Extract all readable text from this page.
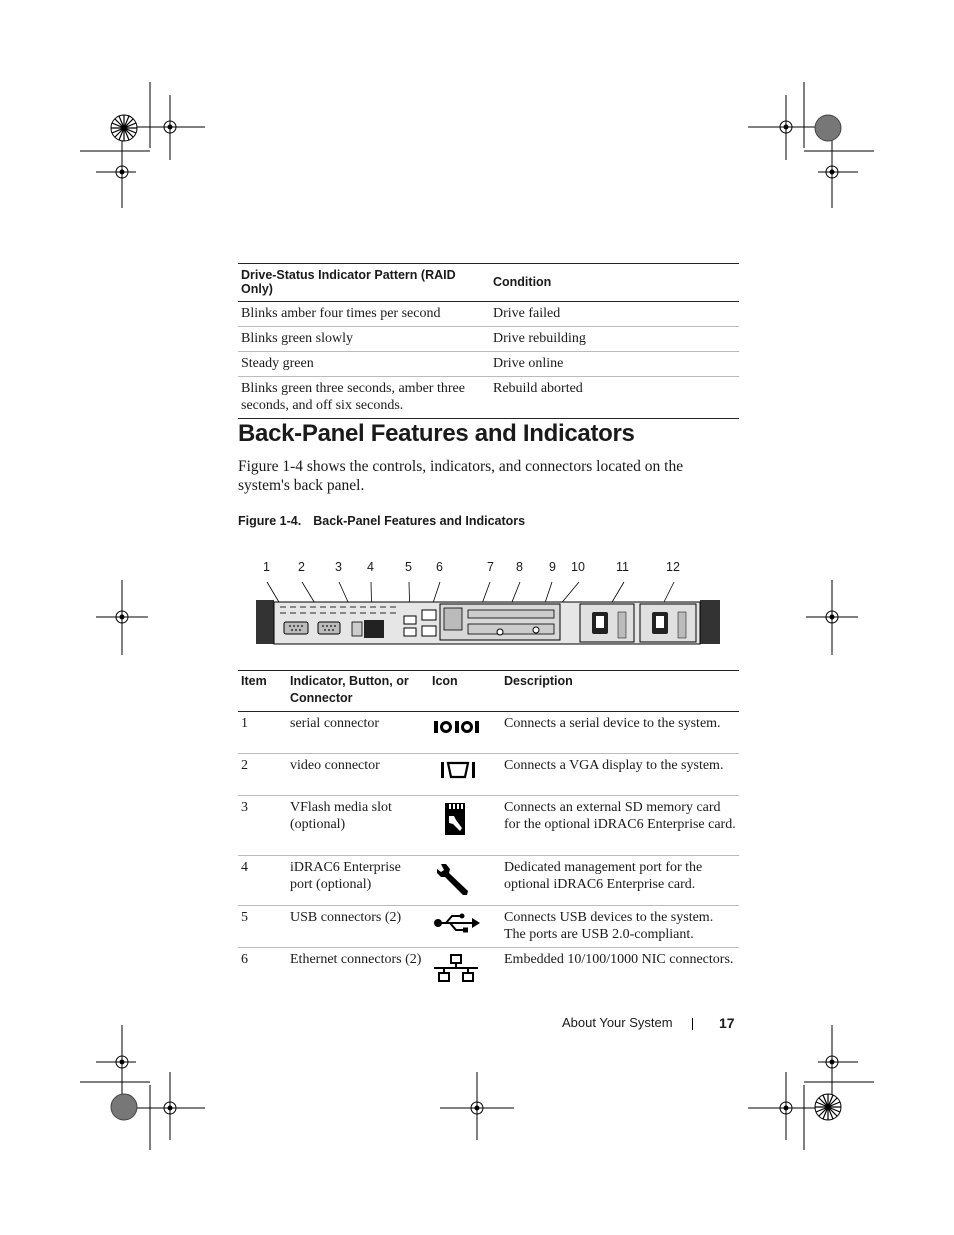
Drive-Status Indicator Pattern (RAID Only)	Condition
Blinks amber four times per second	Drive failed
Blinks green slowly	Drive rebuilding
Steady green	Drive online
Blinks green three seconds, amber three seconds, and off six seconds.	Rebuild aborted
Back-Panel Features and Indicators

Figure 1-4 shows the controls, indicators, and connectors located on the system's back panel.

Figure 1-4. Back-Panel Features and Indicators
1 2 3 4 5 6	7 8 9 10 11	12
Item	Indicator, Button, or Connector	Icon	Description
1	serial connector		Connects a serial device to the system.
2	video connector		Connects a VGA display to the system.
3	VFlash media slot (optional)		Connects an external SD memory card for the optional iDRAC6 Enterprise card.
4	iDRAC6 Enterprise port (optional)		Dedicated management port for the optional iDRAC6 Enterprise card.
5	USB connectors (2)		Connects USB devices to the system. The ports are USB 2.0-compliant.
6	Ethernet connectors (2)		Embedded 10/100/1000 NIC connectors.
About Your System	17
